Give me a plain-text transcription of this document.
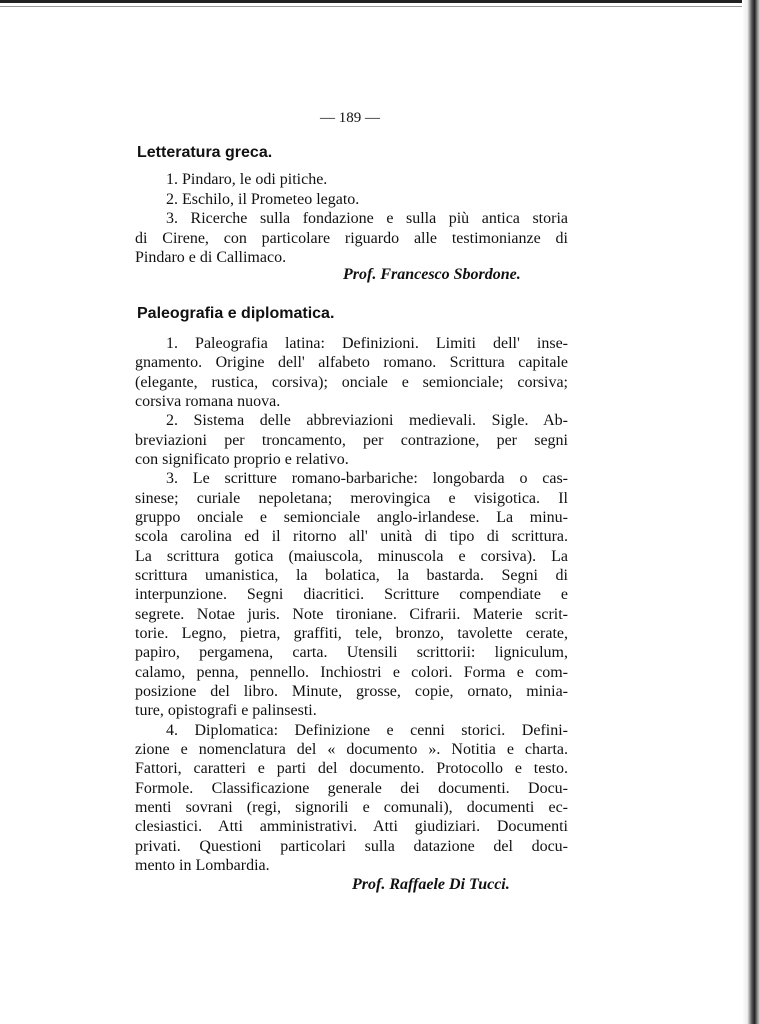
— 189 —
Letteratura greca.
1. Pindaro, le odi pitiche.
2. Eschilo, il Prometeo legato.
3. Ricerche sulla fondazione e sulla più antica storia
di Cirene, con particolare riguardo alle testimonianze di
Pindaro e di Callimaco.
Prof. Francesco Sbordone.
Paleografia e diplomatica.
1. Paleografia latina: Definizioni. Limiti dell' inse-
gnamento. Origine dell' alfabeto romano. Scrittura capitale
(elegante, rustica, corsiva); onciale e semionciale; corsiva;
corsiva romana nuova.
2. Sistema delle abbreviazioni medievali. Sigle. Ab-
breviazioni per troncamento, per contrazione, per segni
con significato proprio e relativo.
3. Le scritture romano-barbariche: longobarda o cas-
sinese; curiale nepoletana; merovingica e visigotica. Il
gruppo onciale e semionciale anglo-irlandese. La minu-
scola carolina ed il ritorno all' unità di tipo di scrittura.
La scrittura gotica (maiuscola, minuscola e corsiva). La
scrittura umanistica, la bolatica, la bastarda. Segni di
interpunzione. Segni diacritici. Scritture compendiate e
segrete. Notae juris. Note tironiane. Cifrarii. Materie scrit-
torie. Legno, pietra, graffiti, tele, bronzo, tavolette cerate,
papiro, pergamena, carta. Utensili scrittorii: ligniculum,
calamo, penna, pennello. Inchiostri e colori. Forma e com-
posizione del libro. Minute, grosse, copie, ornato, minia-
ture, opistografi e palinsesti.
4. Diplomatica: Definizione e cenni storici. Defini-
zione e nomenclatura del « documento ». Notitia e charta.
Fattori, caratteri e parti del documento. Protocollo e testo.
Formole. Classificazione generale dei documenti. Docu-
menti sovrani (regi, signorili e comunali), documenti ec-
clesiastici. Atti amministrativi. Atti giudiziari. Documenti
privati. Questioni particolari sulla datazione del docu-
mento in Lombardia.
Prof. Raffaele Di Tucci.
